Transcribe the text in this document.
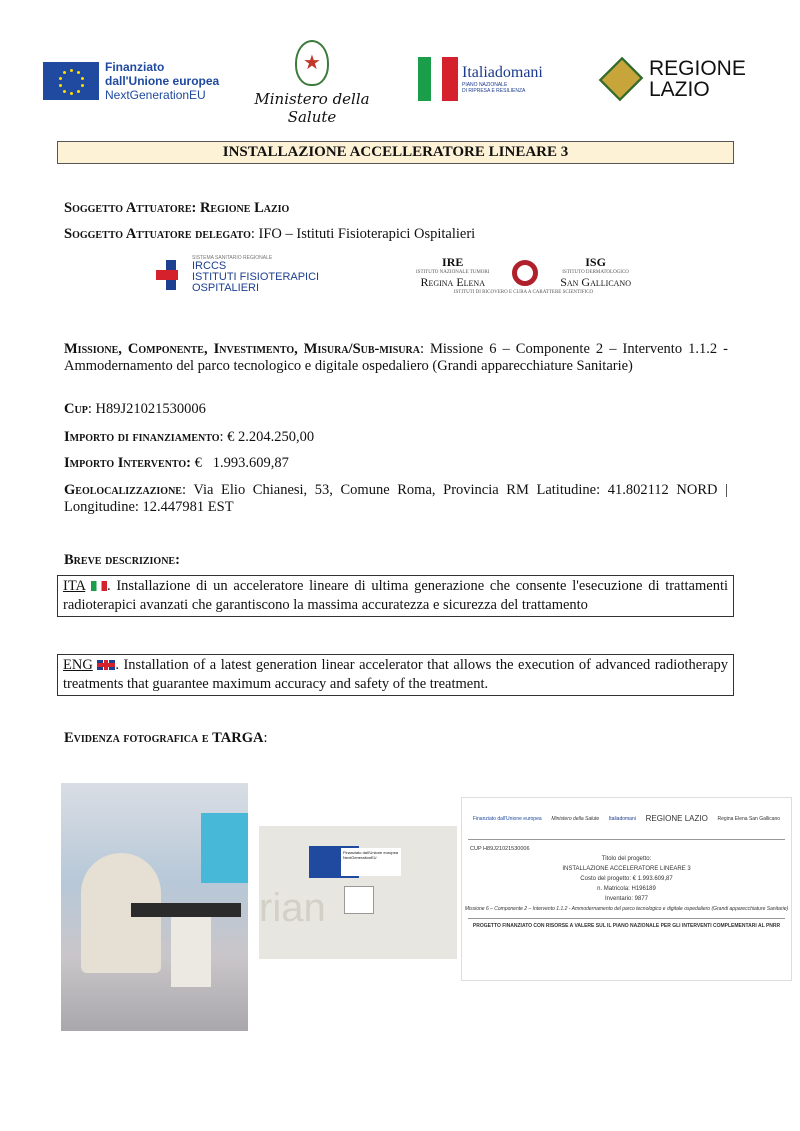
Finanziato
dall'Unione europea
NextGenerationEU
★	Ministero della Salute
Italiadomani
PIANO NAZIONALE
DI RIPRESA E RESILIENZA
REGIONE
LAZIO
INSTALLAZIONE ACCELLERATORE LINEARE 3
Soggetto Attuatore: Regione Lazio
Soggetto Attuatore delegato: IFO – Istituti Fisioterapici Ospitalieri
SISTEMA SANITARIO REGIONALE
IRCCS
ISTITUTI FISIOTERAPICI
OSPITALIERI
IRE
ISTITUTO NAZIONALE TUMORI
Regina Elena
ISG
ISTITUTO DERMATOLOGICO
San Gallicano
ISTITUTI DI RICOVERO E CURA A CARATTERE SCIENTIFICO
Missione, Componente, Investimento, Misura/Sub-misura: Missione 6 – Componente 2 – Intervento 1.1.2 - Ammodernamento del parco tecnologico e digitale ospedaliero (Grandi apparecchiature Sanitarie)
Cup: H89J21021530006
Importo di finanziamento: € 2.204.250,00
Importo Intervento: €   1.993.609,87
Geolocalizzazione: Via Elio Chianesi, 53, Comune Roma, Provincia RM Latitudine: 41.802112 NORD | Longitudine: 12.447981 EST
Breve descrizione:
ITA . Installazione di un acceleratore lineare di ultima generazione che consente l'esecuzione di trattamenti radioterapici avanzati che garantiscono la massima accuratezza e sicurezza del trattamento
ENG . Installation of a latest generation linear accelerator that allows the execution of advanced radiotherapy treatments that guarantee maximum accuracy and safety of the treatment.
Evidenza fotografica e TARGA:
rian
Finanziato dall'Unione europea NextGenerationEU
Finanziato dall'Unione europea Ministero della Salute Italiadomani REGIONE LAZIO Regina Elena San Gallicano
CUP H89J21021530006

Titolo del progetto:

INSTALLAZIONE ACCELERATORE LINEARE 3

Costo del progetto: € 1.993.609,87

n. Matricola: H196189

Inventario: 9877

Missione 6 – Componente 2 – Intervento 1.1.2 - Ammodernamento del parco tecnologico e digitale ospedaliero (Grandi apparecchiature Sanitarie)

PROGETTO FINANZIATO CON RISORSE A VALERE SUL IL PIANO NAZIONALE PER GLI INTERVENTI COMPLEMENTARI AL PNRR
